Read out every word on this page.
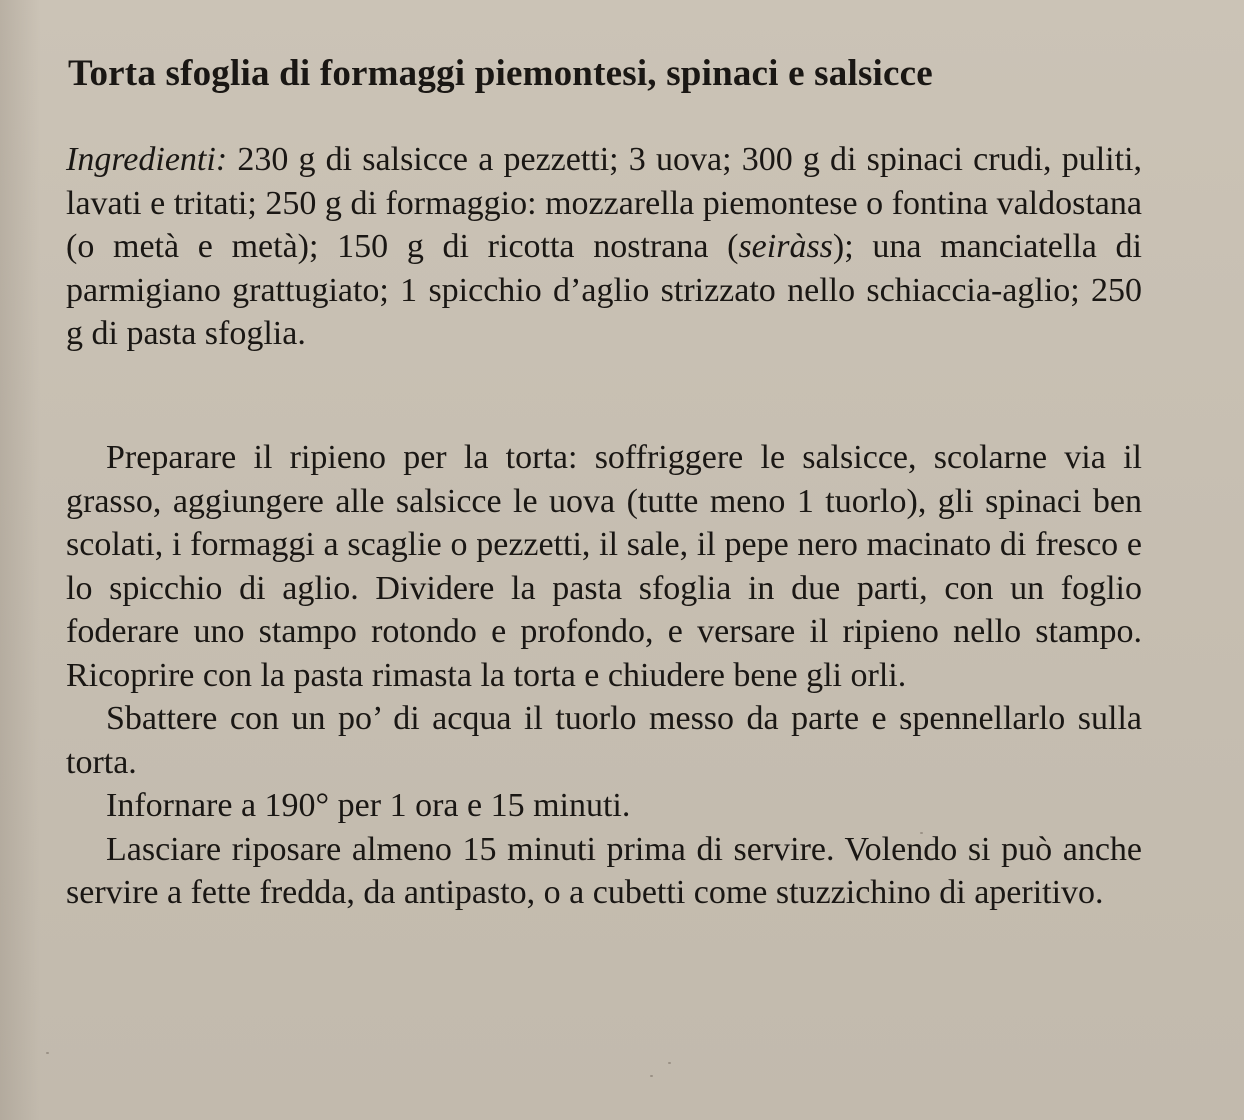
Torta sfoglia di formaggi piemontesi, spinaci e salsicce

Ingredienti: 230 g di salsicce a pezzetti; 3 uova; 300 g di spinaci crudi, puliti, lavati e tritati; 250 g di formaggio: mozzarella piemontese o fontina valdostana (o metà e metà); 150 g di ricotta nostrana (seiràss); una manciatella di parmigiano grattugiato; 1 spicchio d’aglio strizzato nello schiaccia-aglio; 250 g di pasta sfoglia.

Preparare il ripieno per la torta: soffriggere le salsicce, scolarne via il grasso, aggiungere alle salsicce le uova (tutte meno 1 tuorlo), gli spinaci ben scolati, i formaggi a scaglie o pezzetti, il sale, il pepe nero macinato di fresco e lo spicchio di aglio. Dividere la pasta sfoglia in due parti, con un foglio foderare uno stampo rotondo e profondo, e versare il ripieno nello stampo. Ricoprire con la pasta rimasta la torta e chiudere bene gli orli.

Sbattere con un po’ di acqua il tuorlo messo da parte e spennellarlo sulla torta.

Infornare a 190° per 1 ora e 15 minuti.

Lasciare riposare almeno 15 minuti prima di servire. Volendo si può anche servire a fette fredda, da antipasto, o a cubetti come stuzzichino di aperitivo.
